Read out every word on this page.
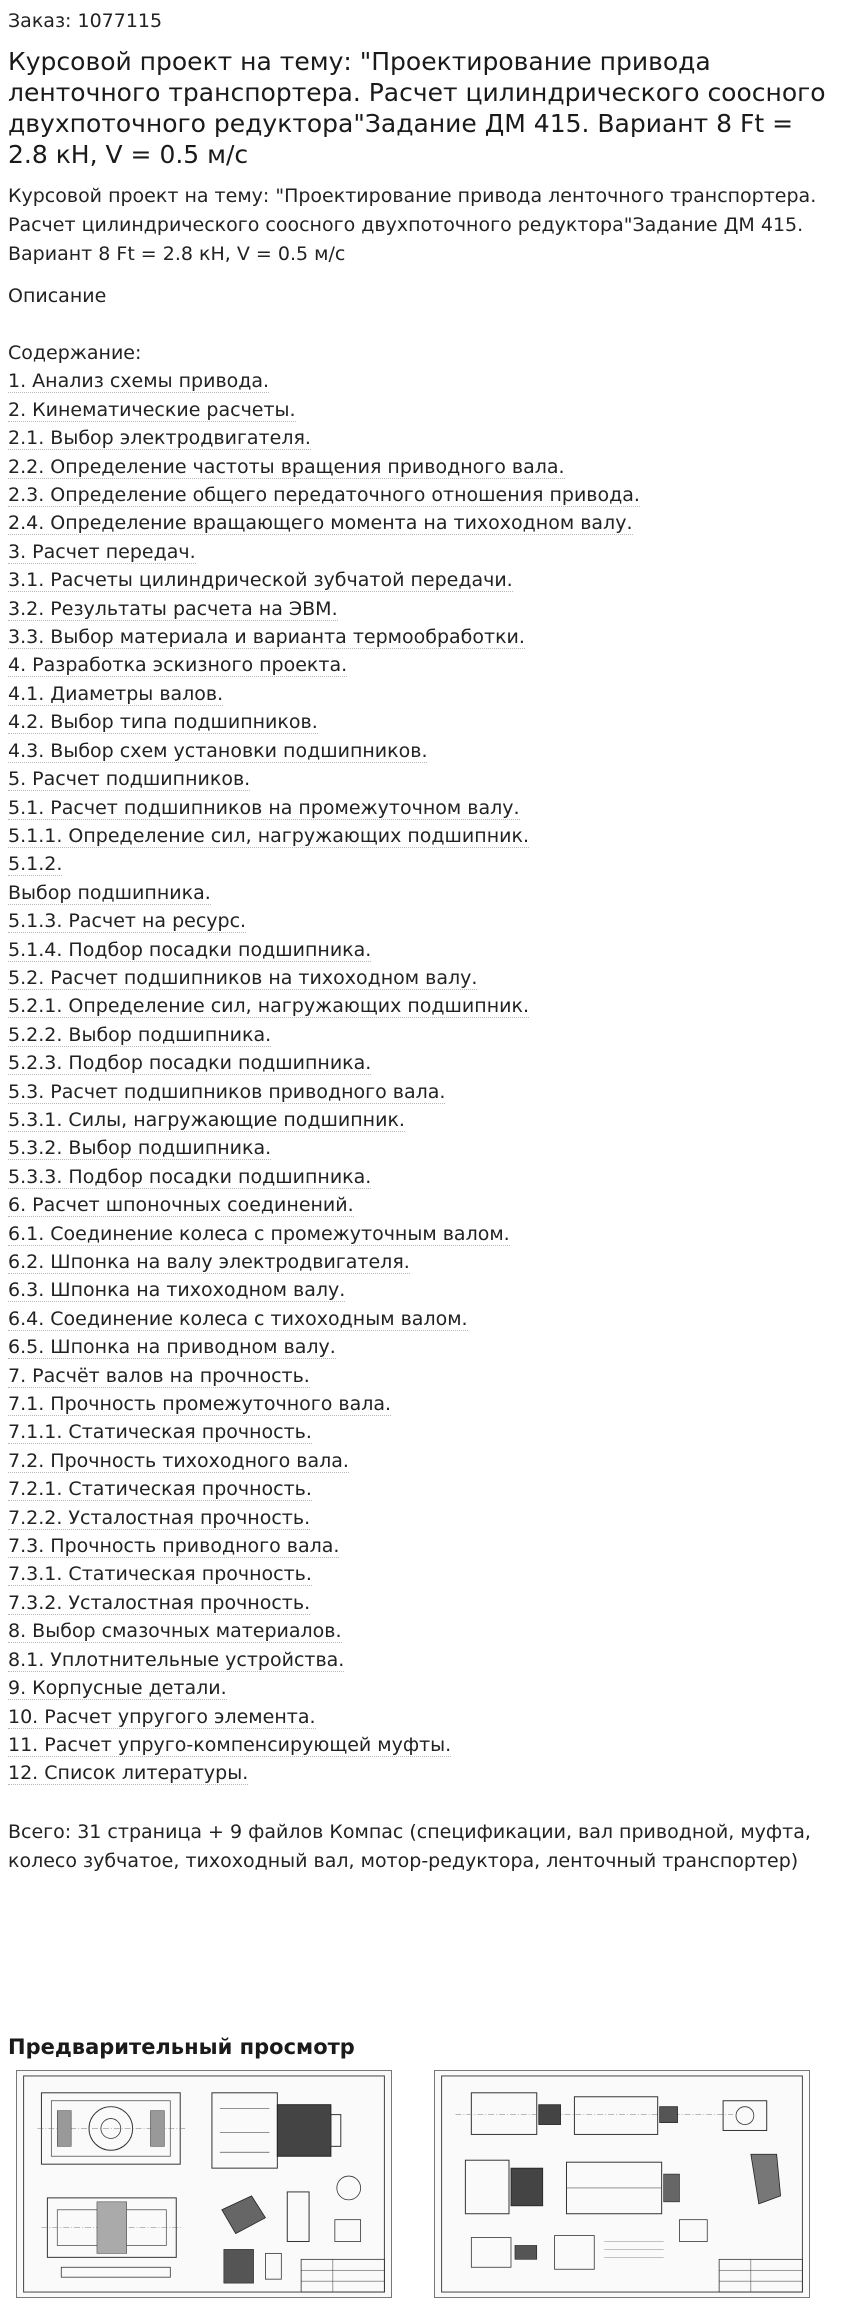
Заказ: 1077115
Курсовой проект на тему: "Проектирование привода ленточного транспортера. Расчет цилиндрического соосного двухпоточного редуктора"Задание ДМ 415. Вариант 8 Ft = 2.8 кН, V = 0.5 м/с

Курсовой проект на тему: "Проектирование привода ленточного транспортера. Расчет цилиндрического соосного двухпоточного редуктора"Задание ДМ 415. Вариант 8 Ft = 2.8 кН, V = 0.5 м/с

Описание
Содержание:
1. Анализ схемы привода.
2. Кинематические расчеты.
2.1. Выбор электродвигателя.
2.2. Определение частоты вращения приводного вала.
2.3. Определение общего передаточного отношения привода.
2.4. Определение вращающего момента на тихоходном валу.
3. Расчет передач.
3.1. Расчеты цилиндрической зубчатой передачи.
3.2. Результаты расчета на ЭВМ.
3.3. Выбор материала и варианта термообработки.
4. Разработка эскизного проекта.
4.1. Диаметры валов.
4.2. Выбор типа подшипников.
4.3. Выбор схем установки подшипников.
5. Расчет подшипников.
5.1. Расчет подшипников на промежуточном валу.
5.1.1. Определение сил, нагружающих подшипник.
5.1.2.
Выбор подшипника.
5.1.3. Расчет на ресурс.
5.1.4. Подбор посадки подшипника.
5.2. Расчет подшипников на тихоходном валу.
5.2.1. Определение сил, нагружающих подшипник.
5.2.2. Выбор подшипника.
5.2.3. Подбор посадки подшипника.
5.3. Расчет подшипников приводного вала.
5.3.1. Силы, нагружающие подшипник.
5.3.2. Выбор подшипника.
5.3.3. Подбор посадки подшипника.
6. Расчет шпоночных соединений.
6.1. Соединение колеса с промежуточным валом.
6.2. Шпонка на валу электродвигателя.
6.3. Шпонка на тихоходном валу.
6.4. Соединение колеса с тихоходным валом.
6.5. Шпонка на приводном валу.
7. Расчёт валов на прочность.
7.1. Прочность промежуточного вала.
7.1.1. Статическая прочность.
7.2. Прочность тихоходного вала.
7.2.1. Статическая прочность.
7.2.2. Усталостная прочность.
7.3. Прочность приводного вала.
7.3.1. Статическая прочность.
7.3.2. Усталостная прочность.
8. Выбор смазочных материалов.
8.1. Уплотнительные устройства.
9. Корпусные детали.
10. Расчет упругого элемента.
11. Расчет упруго-компенсирующей муфты.
12. Список литературы.

Всего: 31 страница + 9 файлов Компас (спецификации, вал приводной, муфта, колесо зубчатое, тихоходный вал, мотор-редуктора, ленточный транспортер)

Предварительный просмотр
